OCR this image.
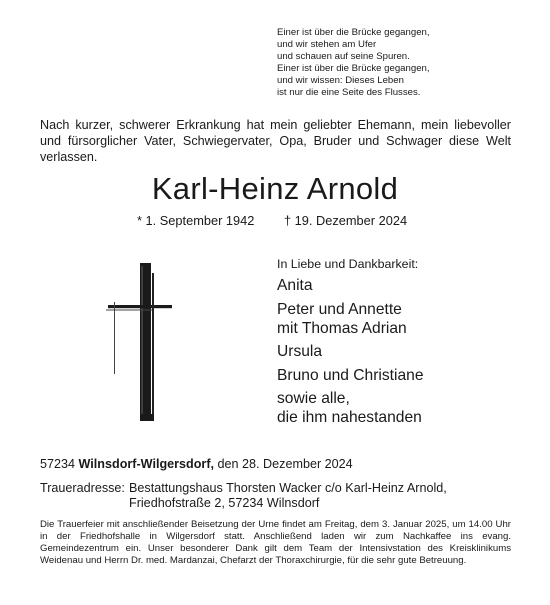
Einer ist über die Brücke gegangen,
und wir stehen am Ufer
und schauen auf seine Spuren.
Einer ist über die Brücke gegangen,
und wir wissen: Dieses Leben
ist nur die eine Seite des Flusses.
Nach kurzer, schwerer Erkrankung hat mein geliebter Ehemann, mein liebevoller und fürsorglicher Vater, Schwiegervater, Opa, Bruder und Schwager diese Welt verlassen.
Karl-Heinz Arnold
* 1. September 1942 † 19. Dezember 2024
In Liebe und Dankbarkeit:
Anita
Peter und Annette
mit Thomas Adrian
Ursula
Bruno und Christiane
sowie alle,
die ihm nahestanden
57234 Wilnsdorf-Wilgersdorf, den 28. Dezember 2024
Traueradresse: Bestattungshaus Thorsten Wacker c/o Karl-Heinz Arnold,
Friedhofstraße 2, 57234 Wilnsdorf
Die Trauerfeier mit anschließender Beisetzung der Urne findet am Freitag, dem 3. Januar 2025, um 14.00 Uhr in der Friedhofshalle in Wilgersdorf statt. Anschließend laden wir zum Nachkaffee ins evang. Gemeindezentrum ein. Unser besonderer Dank gilt dem Team der Intensivstation des Kreisklinikums Weidenau und Herrn Dr. med. Mardanzai, Chefarzt der Thoraxchirurgie, für die sehr gute Betreuung.
